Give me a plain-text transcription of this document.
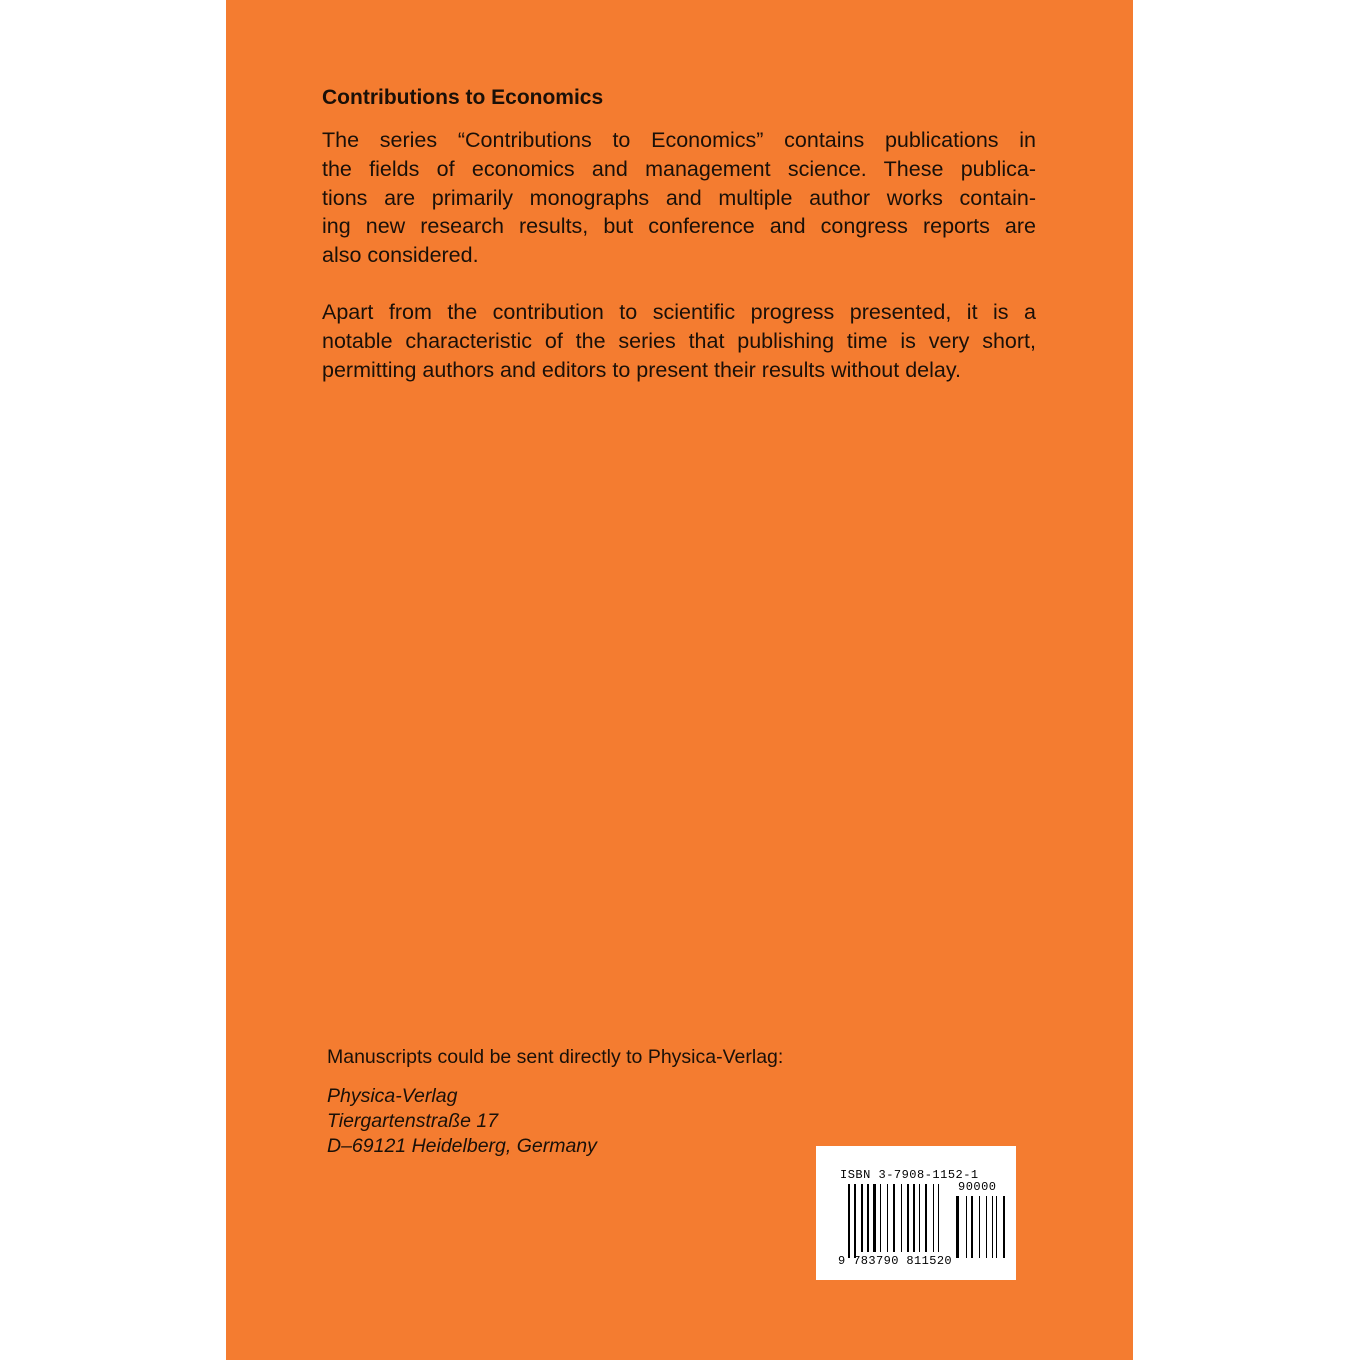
Contributions to Economics

The series “Contributions to Economics” contains publications in
the fields of economics and management science. These publica-
tions are primarily monographs and multiple author works contain-
ing new research results, but conference and congress reports are
also considered.

Apart from the contribution to scientific progress presented, it is a
notable characteristic of the series that publishing time is very short,
permitting authors and editors to present their results without delay.

Manuscripts could be sent directly to Physica-Verlag:

Physica-Verlag
Tiergartenstraße 17
D–69121 Heidelberg, Germany
ISBN 3-7908-1152-1
90000
9 783790 811520
